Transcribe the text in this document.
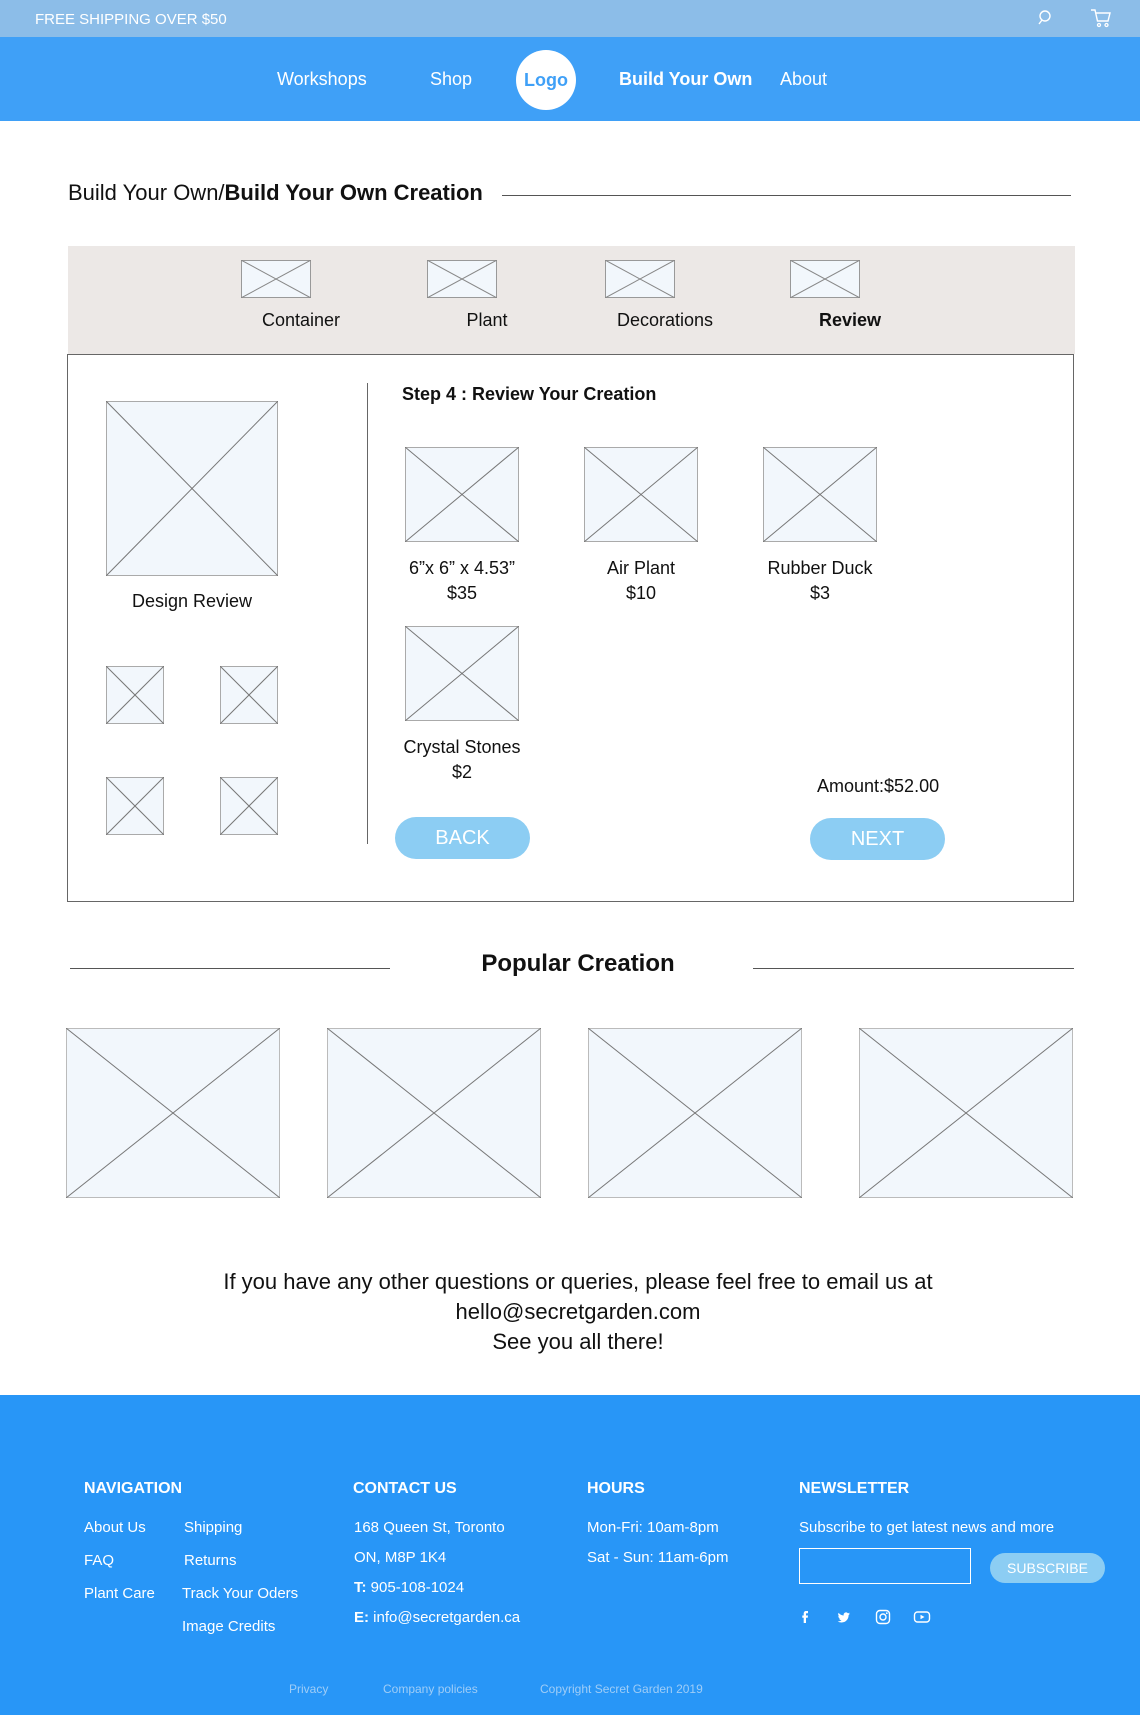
FREE SHIPPING OVER $50
Workshops	Shop	Logo	Build Your Own About
Build Your Own/Build Your Own Creation
Container	Plant	Decorations	Review
Design Review
Step 4 : Review Your Creation
6”x 6” x 4.53”
$35
Air Plant
$10
Rubber Duck
$3
Crystal Stones
$2
Amount:$52.00
BACK	NEXT
Popular Creation
If you have any other questions or queries, please feel free to email us at
hello@secretgarden.com
See you all there!
NAVIGATION
About Us
FAQ
Plant Care
Shipping
Returns
Track Your Oders
Image Credits
CONTACT US
168 Queen St, Toronto
ON, M8P 1K4
T: 905-108-1024
E: info@secretgarden.ca
HOURS
Mon-Fri: 10am-8pm
Sat - Sun: 11am-6pm
NEWSLETTER
Subscribe to get latest news and more
SUBSCRIBE
Privacy	Company policies	Copyright Secret Garden 2019
